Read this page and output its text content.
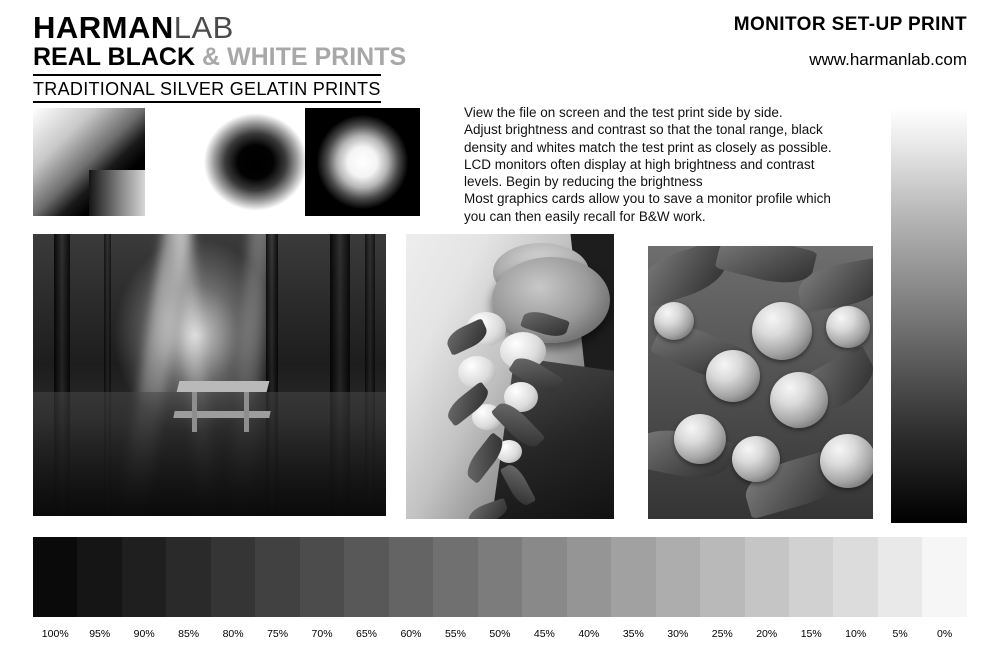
HARMANLAB
REAL BLACK & WHITE PRINTS
TRADITIONAL SILVER GELATIN PRINTS
MONITOR SET-UP PRINT
www.harmanlab.com

View the file on screen and the test print side by side.

Adjust brightness and contrast so that the tonal range, black

density and whites match the test print as closely as possible.

LCD monitors often display at high brightness and contrast

levels. Begin by reducing the brightness

Most graphics cards allow you to save a monitor profile which

you can then easily recall for B&W work.

100%	95%	90%	85%	80%	75%	70%	65%	60%	55%	50%	45%	40%	35%	30%	25%	20%	15%	10%	5%	0%
